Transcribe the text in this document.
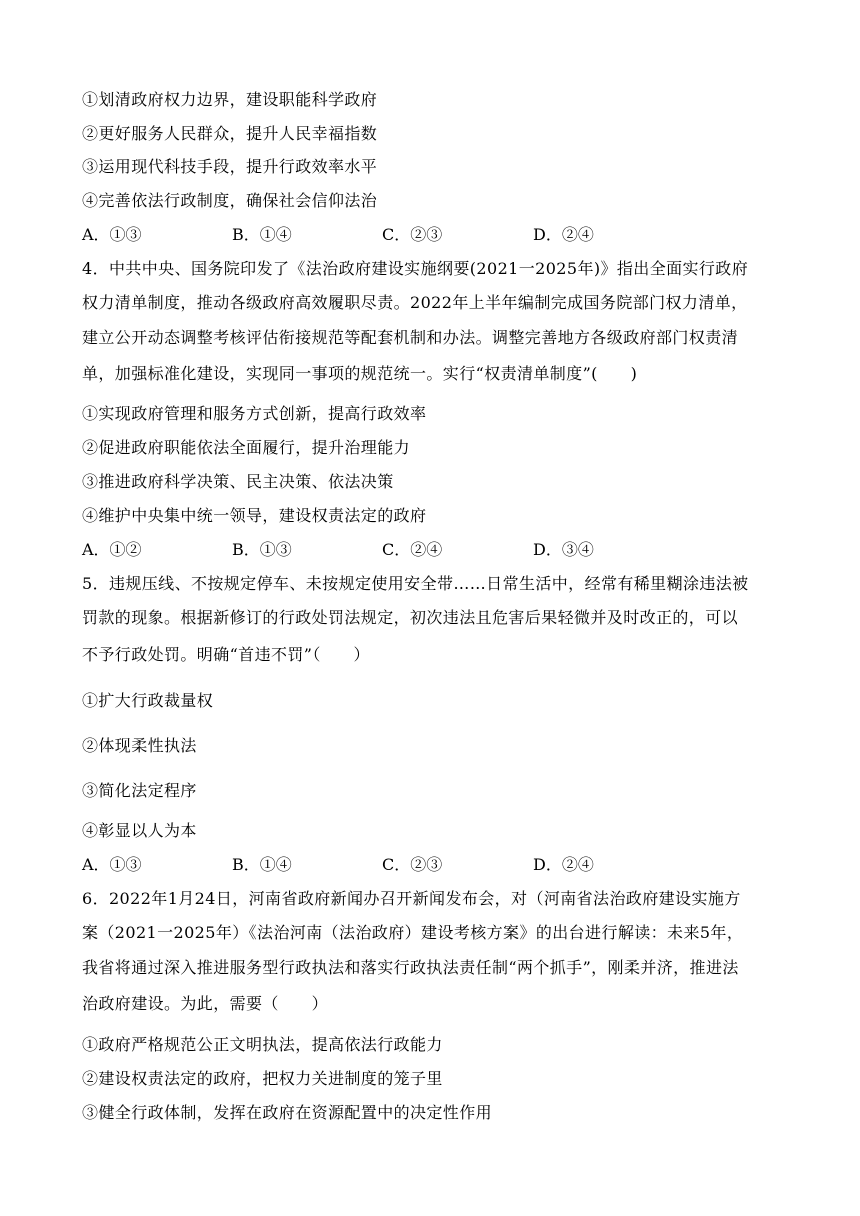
①划清政府权力边界，建设职能科学政府
②更好服务人民群众，提升人民幸福指数
③运用现代科技手段，提升行政效率水平
④完善依法行政制度，确保社会信仰法治
A．①③	B．①④	C．②③	D．②④
4．中共中央、国务院印发了《法治政府建设实施纲要(2021一2025年)》指出全面实行政府
权力清单制度，推动各级政府高效履职尽责。2022年上半年编制完成国务院部门权力清单，
建立公开动态调整考核评估衔接规范等配套机制和办法。调整完善地方各级政府部门权责清
单，加强标准化建设，实现同一事项的规范统一。实行“权责清单制度”(　　)
①实现政府管理和服务方式创新，提高行政效率
②促进政府职能依法全面履行，提升治理能力
③推进政府科学决策、民主决策、依法决策
④维护中央集中统一领导，建设权责法定的政府
A．①②	B．①③	C．②④	D．③④
5．违规压线、不按规定停车、未按规定使用安全带……日常生活中，经常有稀里糊涂违法被
罚款的现象。根据新修订的行政处罚法规定，初次违法且危害后果轻微并及时改正的，可以
不予行政处罚。明确“首违不罚”（　　）
①扩大行政裁量权
②体现柔性执法
③简化法定程序
④彰显以人为本
A．①③	B．①④	C．②③	D．②④
6．2022年1月24日，河南省政府新闻办召开新闻发布会，对（河南省法治政府建设实施方
案（2021一2025年）《法治河南（法治政府）建设考核方案》的出台进行解读：未来5年，
我省将通过深入推进服务型行政执法和落实行政执法责任制“两个抓手”，刚柔并济，推进法
治政府建设。为此，需要（　　）
①政府严格规范公正文明执法，提高依法行政能力
②建设权责法定的政府，把权力关进制度的笼子里
③健全行政体制，发挥在政府在资源配置中的决定性作用
